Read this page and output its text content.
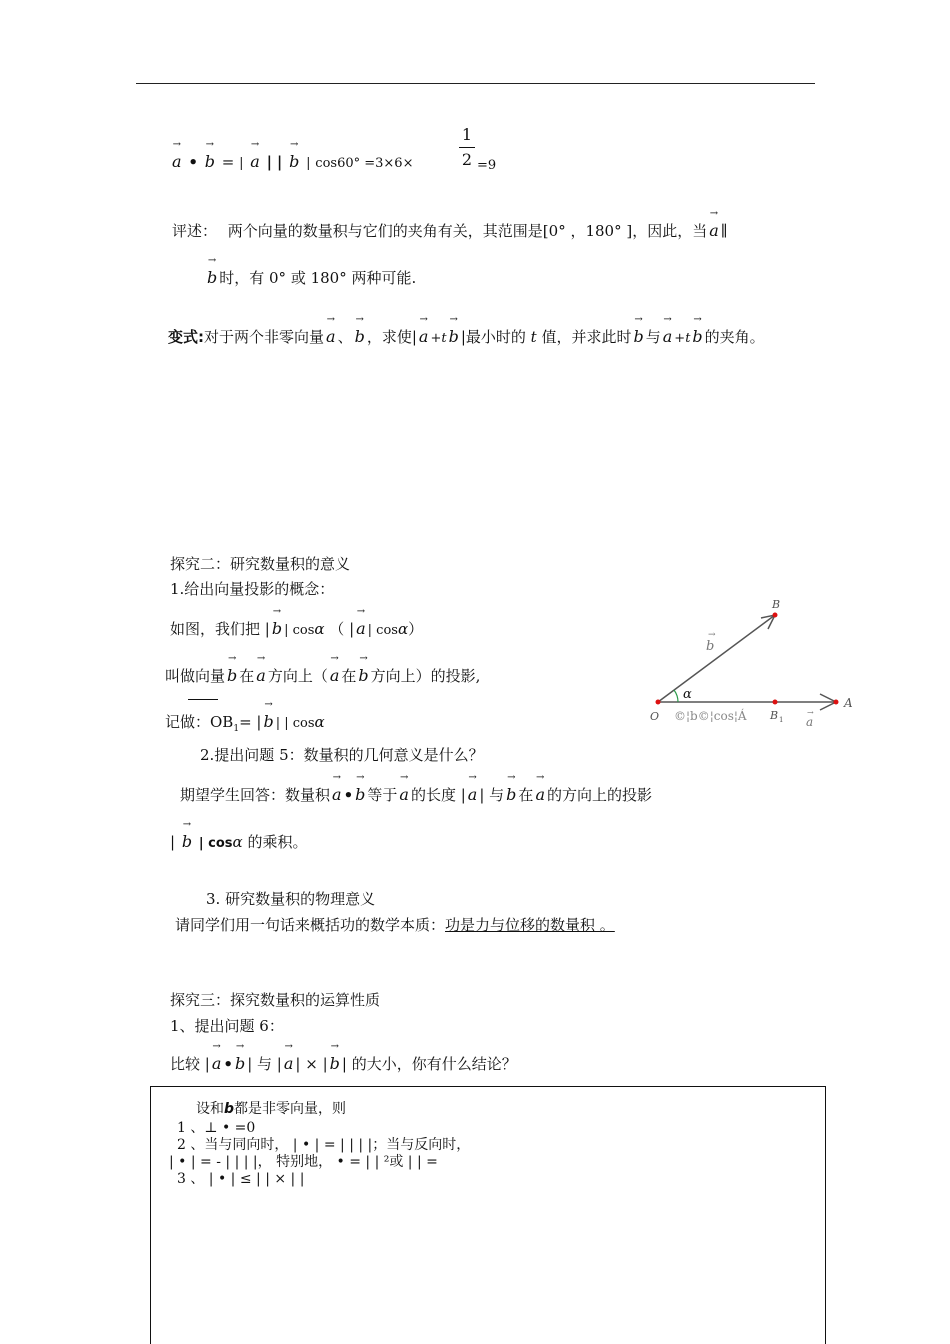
→ a • → b = | → a | | → b | cos60° =3×6×
1
2 =9
评述： 两个向量的数量积与它们的夹角有关，其范围是[0° ，180° ]，因此，当 → a ∥
→ b 时，有 0° 或 180° 两种可能.
变式:对于两个非零向量 → a 、 → b ，求使| → a +t → b |最小时的 t 值，并求此时 → b 与 → a +t → b 的夹角。
探究二：研究数量积的意义
1.给出向量投影的概念：
如图，我们把 | → b | cosα （ | → a | cosα）
叫做向量 → b 在 → a 方向上（ → a 在 → b 方向上）的投影,
记做：$OB_1=$ | → b | | cosα
B
A
O	B 1
α
b
→
a
→
©¦b©¦cos¦Á
2.提出问题 5：数量积的几何意义是什么？
期望学生回答：数量积 → a • → b 等于 → a 的长度 | → a | 与 → b 在 → a 的方向上的投影
| → b | cosα 的乘积。
3. 研究数量积的物理意义
请同学们用一句话来概括功的数学本质：功是力与位移的数量积 。
探究三：探究数量积的运算性质
1、提出问题 6：
比较 | → a • → b | 与 | → a | × | → b | 的大小，你有什么结论？
设和b都是非零向量，则
1 、⊥ • =0
2 、当与同向时， | • | = | | | |；当与反向时，
| • | = - | | | |， 特别地， • = | | ²或 | | =
3 、 | • | ≤ | | × | |
